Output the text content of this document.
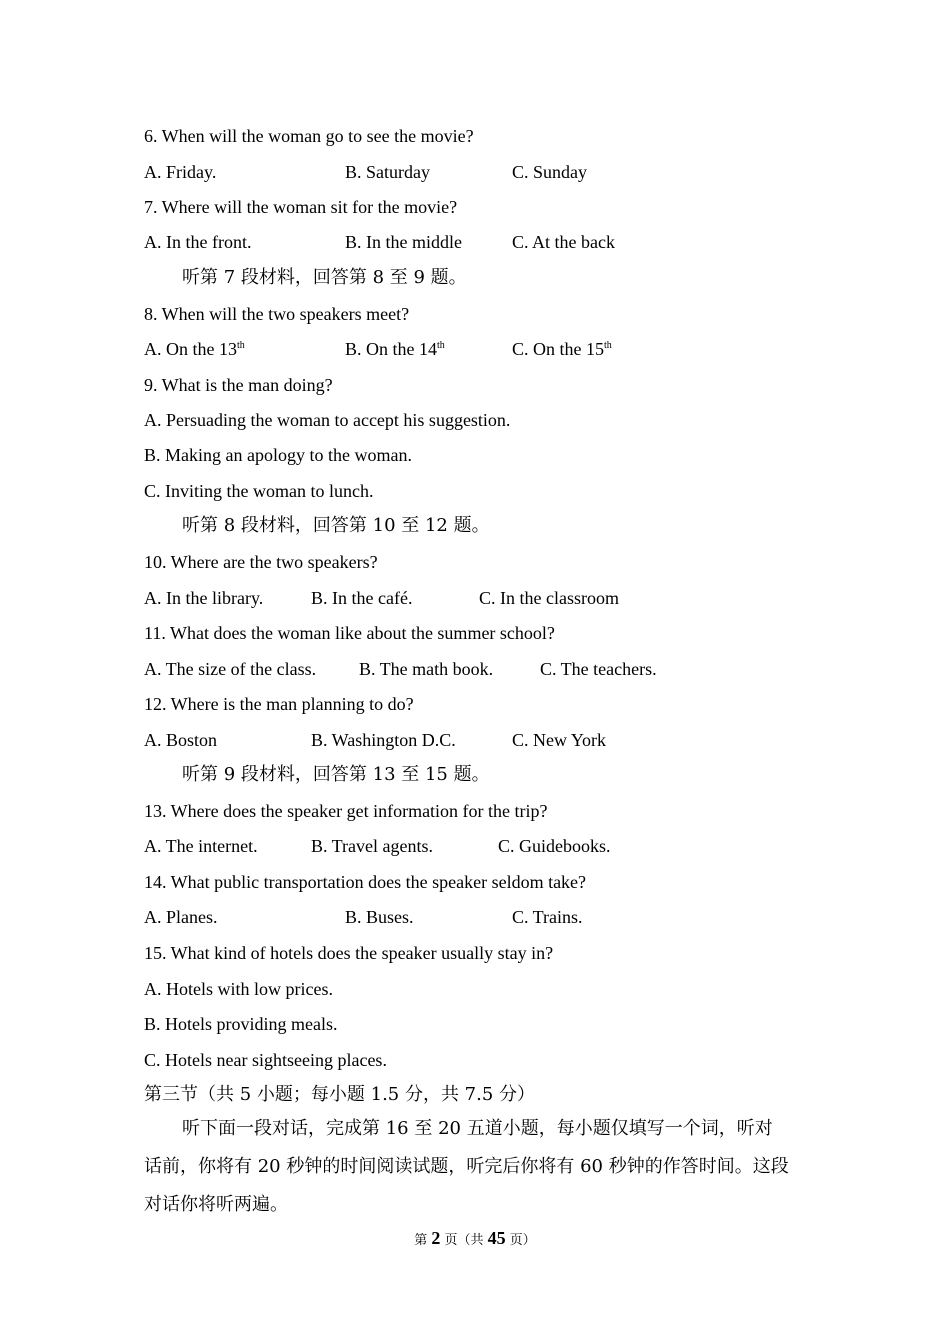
6. When will the woman go to see the movie?
A. Friday.	B. Saturday	C. Sunday
7. Where will the woman sit for the movie?
A. In the front.	B. In the middle	C. At the back
听第 7 段材料，回答第 8 至 9 题。
8. When will the two speakers meet?
A. On the 13th	B. On the 14th	C. On the 15th
9. What is the man doing?
A. Persuading the woman to accept his suggestion.
B. Making an apology to the woman.
C. Inviting the woman to lunch.
听第 8 段材料，回答第 10 至 12 题。
10. Where are the two speakers?
A. In the library.	B. In the café.	C. In the classroom
11. What does the woman like about the summer school?
A. The size of the class. B. The math book.	C. The teachers.
12. Where is the man planning to do?
A. Boston	B. Washington D.C.	C. New York
听第 9 段材料，回答第 13 至 15 题。
13. Where does the speaker get information for the trip?
A. The internet.	B. Travel agents.	C. Guidebooks.
14. What public transportation does the speaker seldom take?
A. Planes.	B. Buses.	C. Trains.
15. What kind of hotels does the speaker usually stay in?
A. Hotels with low prices.
B. Hotels providing meals.
C. Hotels near sightseeing places.
第三节（共 5 小题；每小题 1.5 分，共 7.5 分）
听下面一段对话，完成第 16 至 20 五道小题，每小题仅填写一个词，听对
话前，你将有 20 秒钟的时间阅读试题，听完后你将有 60 秒钟的作答时间。这段
对话你将听两遍。
第 2 页（共 45 页）
